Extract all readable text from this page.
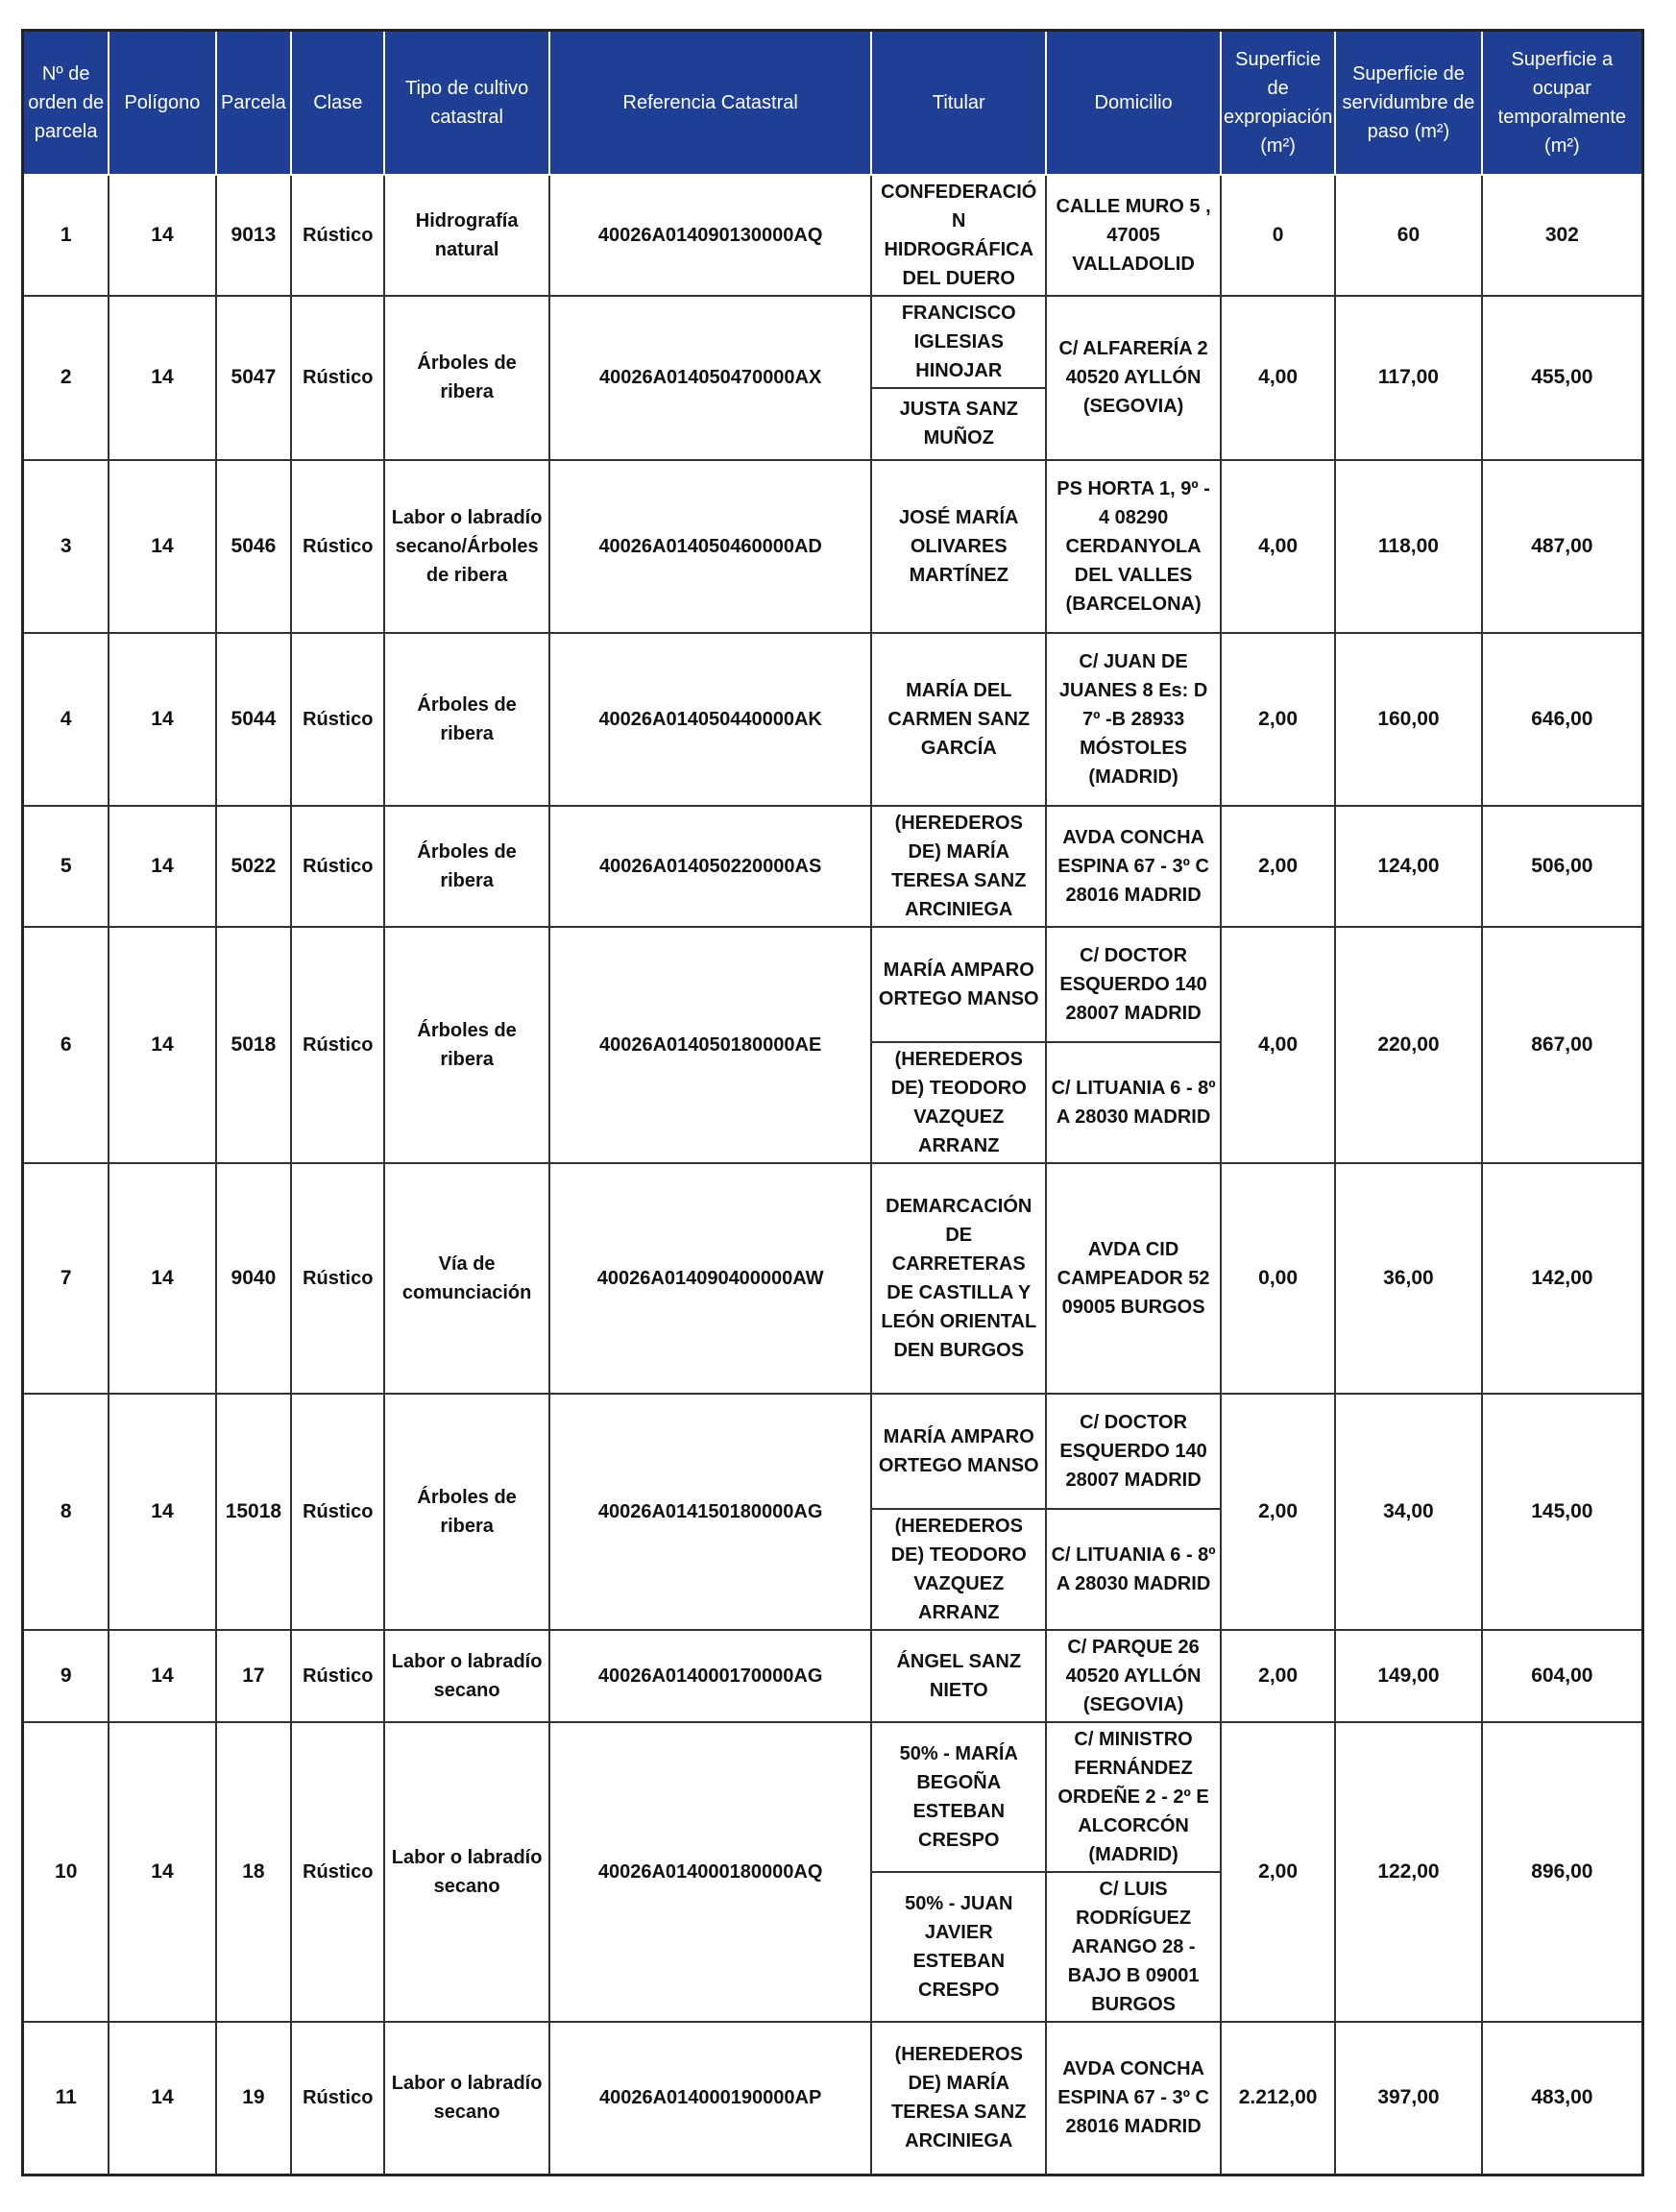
Nº de orden de parcela	Polígono	Parcela	Clase	Tipo de cultivo catastral	Referencia Catastral	Titular	Domicilio	Superficie de expropiación (m²)	Superficie de servidumbre de paso (m²)	Superficie a ocupar temporalmente (m²)
1	14	9013	Rústico	Hidrografía natural	40026A014090130000AQ	CONFEDERACIÓN HIDROGRÁFICA DEL DUERO	CALLE MURO 5 , 47005 VALLADOLID	0	60	302
2	14	5047	Rústico	Árboles de ribera	40026A014050470000AX	FRANCISCO IGLESIAS HINOJAR	C/ ALFARERÍA 2 40520 AYLLÓN (SEGOVIA)	4,00	117,00	455,00
						JUSTA SANZ MUÑOZ				
3	14	5046	Rústico	Labor o labradío secano/Árboles de ribera	40026A014050460000AD	JOSÉ MARÍA OLIVARES MARTÍNEZ	PS HORTA 1, 9º - 4 08290 CERDANYOLA DEL VALLES (BARCELONA)	4,00	118,00	487,00
4	14	5044	Rústico	Árboles de ribera	40026A014050440000AK	MARÍA DEL CARMEN SANZ GARCÍA	C/ JUAN DE JUANES 8 Es: D 7º -B 28933 MÓSTOLES (MADRID)	2,00	160,00	646,00
5	14	5022	Rústico	Árboles de ribera	40026A014050220000AS	(HEREDEROS DE) MARÍA TERESA SANZ ARCINIEGA	AVDA CONCHA ESPINA 67 - 3º C 28016 MADRID	2,00	124,00	506,00
6	14	5018	Rústico	Árboles de ribera	40026A014050180000AE	MARÍA AMPARO ORTEGO MANSO	C/ DOCTOR ESQUERDO 140 28007 MADRID	4,00	220,00	867,00
						(HEREDEROS DE) TEODORO VAZQUEZ ARRANZ	C/ LITUANIA 6 - 8º A 28030 MADRID			
7	14	9040	Rústico	Vía de comunciación	40026A014090400000AW	DEMARCACIÓN DE CARRETERAS DE CASTILLA Y LEÓN ORIENTAL DEN BURGOS	AVDA CID CAMPEADOR 52 09005 BURGOS	0,00	36,00	142,00
8	14	15018	Rústico	Árboles de ribera	40026A014150180000AG	MARÍA AMPARO ORTEGO MANSO	C/ DOCTOR ESQUERDO 140 28007 MADRID	2,00	34,00	145,00
						(HEREDEROS DE) TEODORO VAZQUEZ ARRANZ	C/ LITUANIA 6 - 8º A 28030 MADRID			
9	14	17	Rústico	Labor o labradío secano	40026A014000170000AG	ÁNGEL SANZ NIETO	C/ PARQUE 26 40520 AYLLÓN (SEGOVIA)	2,00	149,00	604,00
10	14	18	Rústico	Labor o labradío secano	40026A014000180000AQ	50% - MARÍA BEGOÑA ESTEBAN CRESPO	C/ MINISTRO FERNÁNDEZ ORDEÑE 2 - 2º E ALCORCÓN (MADRID)	2,00	122,00	896,00
						50% - JUAN JAVIER ESTEBAN CRESPO	C/ LUIS RODRÍGUEZ ARANGO 28 - BAJO B 09001 BURGOS			
11	14	19	Rústico	Labor o labradío secano	40026A014000190000AP	(HEREDEROS DE) MARÍA TERESA SANZ ARCINIEGA	AVDA CONCHA ESPINA 67 - 3º C 28016 MADRID	2.212,00	397,00	483,00
